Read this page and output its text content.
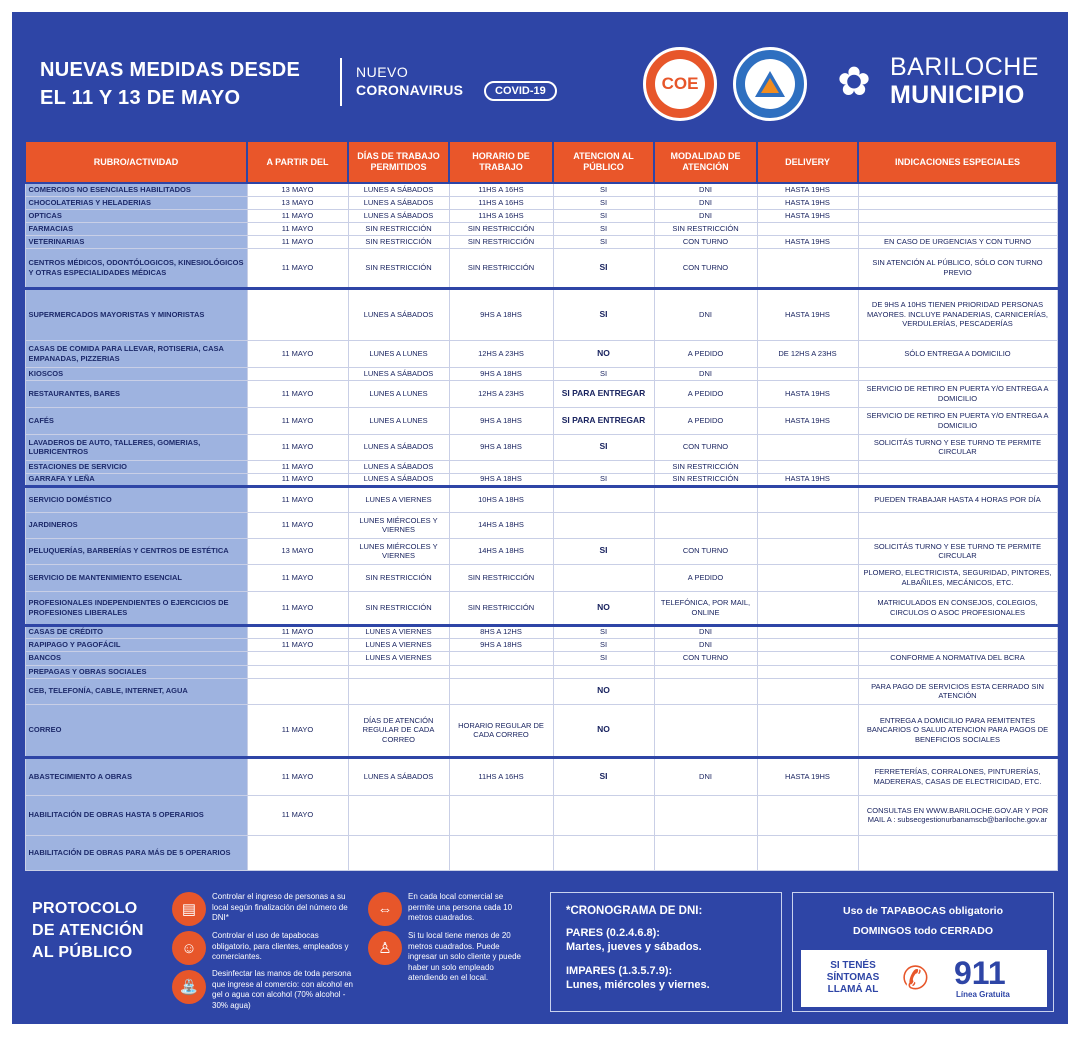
NUEVAS MEDIDAS DESDE
EL 11 Y 13 DE MAYO
NUEVO
CORONAVIRUS	COVID-19	COE	✿ BARILOCHE
MUNICIPIO
RUBRO/ACTIVIDAD	A PARTIR DEL	DÍAS DE TRABAJO PERMITIDOS	HORARIO DE TRABAJO	ATENCION AL PÚBLICO	MODALIDAD DE ATENCIÓN	DELIVERY	INDICACIONES ESPECIALES
COMERCIOS NO ESENCIALES HABILITADOS	13 MAYO	LUNES A SÁBADOS	11HS A 16HS	SI	DNI	HASTA 19HS	
CHOCOLATERIAS Y HELADERIAS	13 MAYO	LUNES A SÁBADOS	11HS A 16HS	SI	DNI	HASTA 19HS	
OPTICAS	11 MAYO	LUNES A SÁBADOS	11HS A 16HS	SI	DNI	HASTA 19HS	
FARMACIAS	11 MAYO	SIN RESTRICCIÓN	SIN RESTRICCIÓN	SI	SIN RESTRICCIÓN		
VETERINARIAS	11 MAYO	SIN RESTRICCIÓN	SIN RESTRICCIÓN	SI	CON TURNO	HASTA 19HS	EN CASO DE URGENCIAS Y CON TURNO
CENTROS MÉDICOS, ODONTÓLOGICOS, KINESIOLÓGICOS Y OTRAS ESPECIALIDADES MÉDICAS	11 MAYO	SIN RESTRICCIÓN	SIN RESTRICCIÓN	SI	CON TURNO		SIN ATENCIÓN AL PÚBLICO, SÓLO CON TURNO PREVIO
SUPERMERCADOS MAYORISTAS Y MINORISTAS		LUNES A SÁBADOS	9HS A 18HS	SI	DNI	HASTA 19HS	DE 9HS A 10HS TIENEN PRIORIDAD PERSONAS MAYORES. INCLUYE PANADERIAS, CARNICERÍAS, VERDULERÍAS, PESCADERÍAS
CASAS DE COMIDA PARA LLEVAR, ROTISERIA, CASA EMPANADAS, PIZZERIAS	11 MAYO	LUNES A LUNES	12HS A 23HS	NO	A PEDIDO	DE 12HS A 23HS	SÓLO ENTREGA A DOMICILIO
KIOSCOS		LUNES A SÁBADOS	9HS A 18HS	SI	DNI		
RESTAURANTES, BARES	11 MAYO	LUNES A LUNES	12HS A 23HS	SI PARA ENTREGAR	A PEDIDO	HASTA 19HS	SERVICIO DE RETIRO EN PUERTA Y/O ENTREGA A DOMICILIO
CAFÉS	11 MAYO	LUNES A LUNES	9HS A 18HS	SI PARA ENTREGAR	A PEDIDO	HASTA 19HS	SERVICIO DE RETIRO EN PUERTA Y/O ENTREGA A DOMICILIO
LAVADEROS DE AUTO, TALLERES, GOMERIAS, LUBRICENTROS	11 MAYO	LUNES A SÁBADOS	9HS A 18HS	SI	CON TURNO		SOLICITÁS TURNO Y ESE TURNO TE PERMITE CIRCULAR
ESTACIONES DE SERVICIO	11 MAYO	LUNES A SÁBADOS			SIN RESTRICCIÓN		
GARRAFA Y LEÑA	11 MAYO	LUNES A SÁBADOS	9HS A 18HS	SI	SIN RESTRICCIÓN	HASTA 19HS	
SERVICIO DOMÉSTICO	11 MAYO	LUNES A VIERNES	10HS A 18HS				PUEDEN TRABAJAR HASTA 4 HORAS POR DÍA
JARDINEROS	11 MAYO	LUNES MIÉRCOLES Y VIERNES	14HS A 18HS				
PELUQUERÍAS, BARBERÍAS Y CENTROS DE ESTÉTICA	13 MAYO	LUNES MIÉRCOLES Y VIERNES	14HS A 18HS	SI	CON TURNO		SOLICITÁS TURNO Y ESE TURNO TE PERMITE CIRCULAR
SERVICIO DE MANTENIMIENTO ESENCIAL	11 MAYO	SIN RESTRICCIÓN	SIN RESTRICCIÓN		A PEDIDO		PLOMERO, ELECTRICISTA, SEGURIDAD, PINTORES, ALBAÑILES, MECÁNICOS, ETC.
PROFESIONALES INDEPENDIENTES O EJERCICIOS DE PROFESIONES LIBERALES	11 MAYO	SIN RESTRICCIÓN	SIN RESTRICCIÓN	NO	TELEFÓNICA, POR MAIL, ONLINE		MATRICULADOS EN CONSEJOS, COLEGIOS, CIRCULOS O ASOC PROFESIONALES
CASAS DE CRÉDITO	11 MAYO	LUNES A VIERNES	8HS A 12HS	SI	DNI		
RAPIPAGO Y PAGOFÁCIL	11 MAYO	LUNES A VIERNES	9HS A 18HS	SI	DNI		
BANCOS		LUNES A VIERNES		SI	CON TURNO		CONFORME A NORMATIVA DEL BCRA
PREPAGAS Y OBRAS SOCIALES							
CEB, TELEFONÍA, CABLE, INTERNET, AGUA				NO			PARA PAGO DE SERVICIOS ESTA CERRADO SIN ATENCIÓN
CORREO	11 MAYO	DÍAS DE ATENCIÓN REGULAR DE CADA CORREO	HORARIO REGULAR DE CADA CORREO	NO			ENTREGA A DOMICILIO PARA REMITENTES BANCARIOS O SALUD ATENCION PARA PAGOS DE BENEFICIOS SOCIALES
ABASTECIMIENTO A OBRAS	11 MAYO	LUNES A SÁBADOS	11HS A 16HS	SI	DNI	HASTA 19HS	FERRETERÍAS, CORRALONES, PINTURERÍAS, MADERERAS, CASAS DE ELECTRICIDAD, ETC.
HABILITACIÓN DE OBRAS HASTA 5 OPERARIOS	11 MAYO						CONSULTAS EN WWW.BARILOCHE.GOV.AR Y POR MAIL A : subsecgestionurbanamscb@bariloche.gov.ar
HABILITACIÓN DE OBRAS PARA MÁS DE 5 OPERARIOS							
PROTOCOLO
DE ATENCIÓN
AL PÚBLICO
▤
Controlar el ingreso de personas a su local según finalización del número de DNI*
☺
Controlar el uso de tapabocas obligatorio, para clientes, empleados y comerciantes.
⛲
Desinfectar las manos de toda persona que ingrese al comercio: con alcohol en gel o agua con alcohol (70% alcohol - 30% agua)
⇔
En cada local comercial se permite una persona cada 10 metros cuadrados.
♙
Si tu local tiene menos de 20 metros cuadrados. Puede ingresar un solo cliente y puede haber un solo empleado atendiendo en el local.
*CRONOGRAMA DE DNI:
PARES (0.2.4.6.8):
Martes, jueves y sábados.
IMPARES (1.3.5.7.9):
Lunes, miércoles y viernes.
Uso de TAPABOCAS obligatorio
DOMINGOS todo CERRADO
SI TENÉS SÍNTOMAS LLAMÁ AL ✆ 911
Línea Gratuita
